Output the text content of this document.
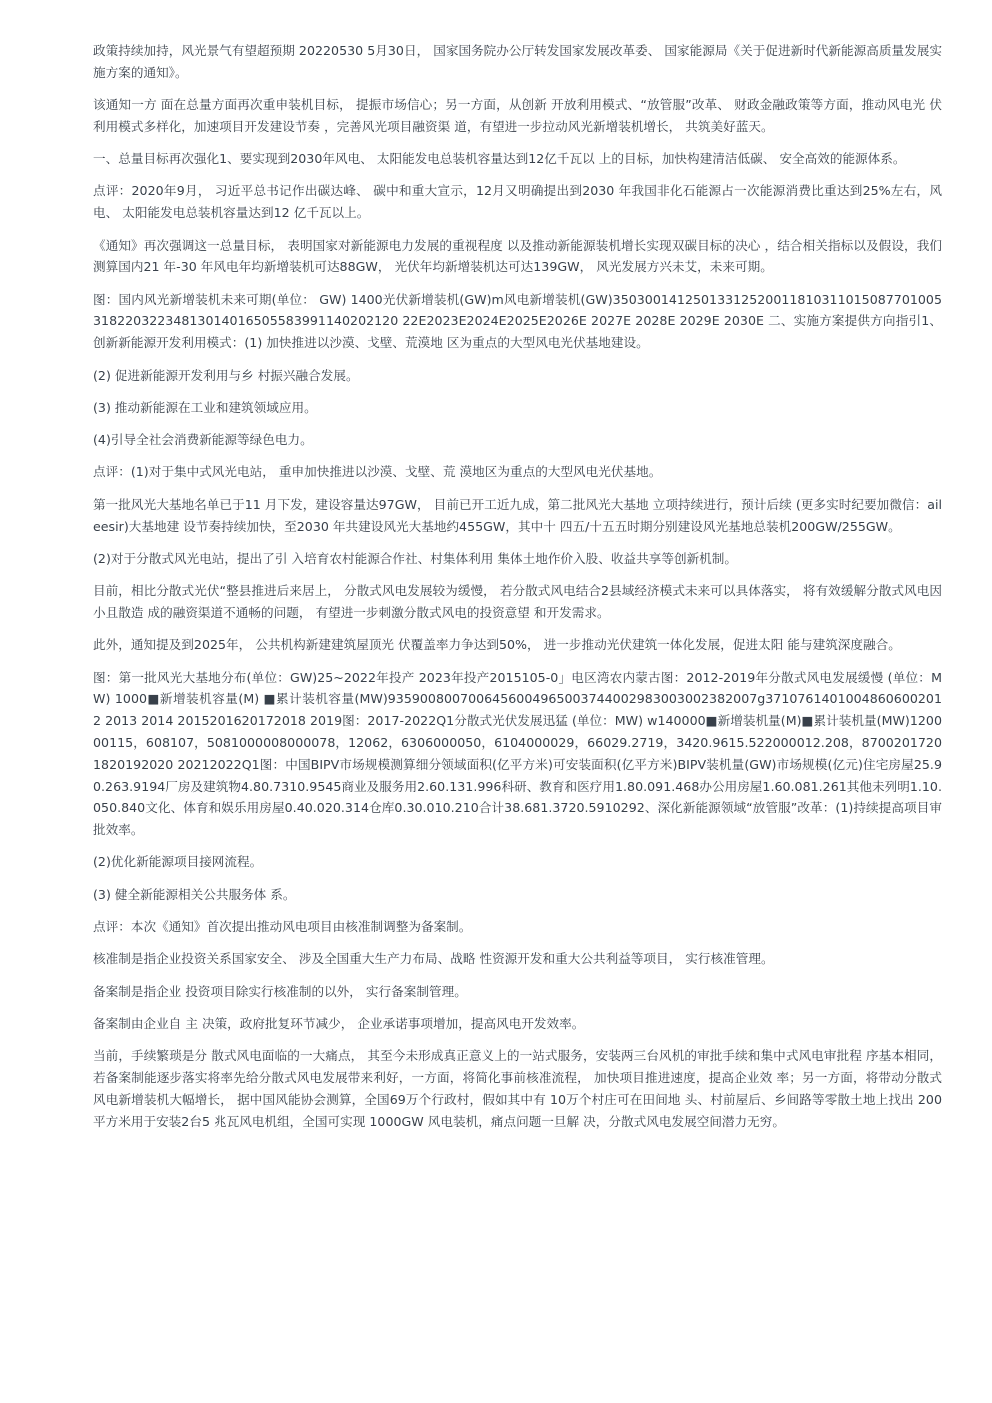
政策持续加持，风光景气有望超预期 20220530 5月30日， 国家国务院办公厅转发国家发展改革委、 国家能源局《关于促进新时代新能源高质量发展实施方案的通知》。

该通知一方 面在总量方面再次重申装机目标， 提振市场信心；另一方面，从创新 开放利用模式、“放管服”改革、 财政金融政策等方面，推动风电光 伏利用模式多样化，加速项目开发建设节奏 ，完善风光项目融资渠 道，有望进一步拉动风光新增装机增长， 共筑美好蓝天。

一、总量目标再次强化1、要实现到2030年风电、 太阳能发电总装机容量达到12亿千瓦以 上的目标，加快构建清洁低碳、 安全高效的能源体系。

点评：2020年9月， 习近平总书记作出碳达峰、 碳中和重大宣示，12月又明确提出到2030 年我国非化石能源占一次能源消费比重达到25%左右，风电、 太阳能发电总装机容量达到12 亿千瓦以上。

《通知》再次强调这一总量目标， 表明国家对新能源电力发展的重视程度 以及推动新能源装机增长实现双碳目标的决心 ，结合相关指标以及假设，我们测算国内21 年-30 年风电年均新增装机可达88GW， 光伏年均新增装机达可达139GW， 风光发展方兴未艾，未来可期。

图：国内风光新增装机未来可期(单位： GW) 1400光伏新增装机(GW)m风电新增装机(GW)3503001412501331252001181031101508770100531822032234813014016505583991140202120 22E2023E2024E2025E2026E 2027E 2028E 2029E 2030E 二、实施方案提供方向指引1、创新新能源开发利用模式：(1) 加快推进以沙漠、戈壁、荒漠地 区为重点的大型风电光伏基地建设。

(2) 促进新能源开发利用与乡 村振兴融合发展。

(3) 推动新能源在工业和建筑领域应用。

(4)引导全社会消费新能源等绿色电力。

点评：(1)对于集中式风光电站， 重申加快推进以沙漠、戈壁、荒 漠地区为重点的大型风电光伏基地。

第一批风光大基地名单已于11 月下发，建设容量达97GW， 目前已开工近九成，第二批风光大基地 立项持续进行，预计后续 (更多实时纪要加微信：aileesir)大基地建 设节奏持续加快，至2030 年共建设风光大基地约455GW，其中十 四五/十五五时期分别建设风光基地总装机200GW/255GW。

(2)对于分散式风光电站，提出了引 入培育农村能源合作社、村集体利用 集体土地作价入股、收益共享等创新机制。

目前，相比分散式光伏“整县推进后来居上， 分散式风电发展较为缓慢， 若分散式风电结合2县域经济模式未来可以具体落实， 将有效缓解分散式风电因小且散造 成的融资渠道不通畅的问题， 有望进一步刺激分散式风电的投资意望 和开发需求。

此外，通知提及到2025年， 公共机构新建建筑屋顶光 伏覆盖率力争达到50%， 进一步推动光伏建筑一体化发展，促进太阳 能与建筑深度融合。

图：第一批风光大基地分布(单位：GW)25~2022年投产 2023年投产2015105-0」电区湾农内蒙古图：2012-2019年分散式风电发展缓慢 (单位：MW) 1000■新增装机容量(M) ■累计装机容量(MW)9359008007006456004965003744002983003002382007g37107614010048606002012 2013 2014 2015201620172018 2019图：2017-2022Q1分散式光伏发展迅猛 (单位：MW) w140000■新增装机量(M)■累计装机量(MW)120000115，608107，5081000008000078，12062，6306000050，6104000029，66029.2719，3420.9615.522000012.208，87002017201820192020 20212022Q1图：中国BIPV市场规模测算细分领域面积(亿平方米)可安装面积(亿平方米)BIPV装机量(GW)市场规模(亿元)住宅房屋25.90.263.9194厂房及建筑物4.80.7310.9545商业及服务用2.60.131.996科研、教育和医疗用1.80.091.468办公用房屋1.60.081.261其他未列明1.10.050.840文化、体育和娱乐用房屋0.40.020.314仓库0.30.010.210合计38.681.3720.5910292、深化新能源领域“放管服”改革：(1)持续提高项目审批效率。

(2)优化新能源项目接网流程。

(3) 健全新能源相关公共服务体 系。

点评：本次《通知》首次提出推动风电项目由核准制调整为备案制。

核准制是指企业投资关系国家安全、 涉及全国重大生产力布局、战略 性资源开发和重大公共利益等项目， 实行核准管理。

备案制是指企业 投资项目除实行核准制的以外， 实行备案制管理。

备案制由企业自 主 决策，政府批复环节减少， 企业承诺事项增加，提高风电开发效率。

当前，手续繁琐是分 散式风电面临的一大痛点， 其至今未形成真正意义上的一站式服务，安装两三台风机的审批手续和集中式风电审批程 序基本相同， 若备案制能逐步落实将率先给分散式风电发展带来利好，一方面，将简化事前核准流程， 加快项目推进速度，提高企业效 率；另一方面，将带动分散式风电新增装机大幅增长， 据中国风能协会测算，全国69万个行政村，假如其中有 10万个村庄可在田间地 头、村前屋后、乡间路等零散土地上找出 200平方米用于安装2台5 兆瓦风电机组，全国可实现 1000GW 风电装机，痛点问题一旦解 决，分散式风电发展空间潜力无穷。
